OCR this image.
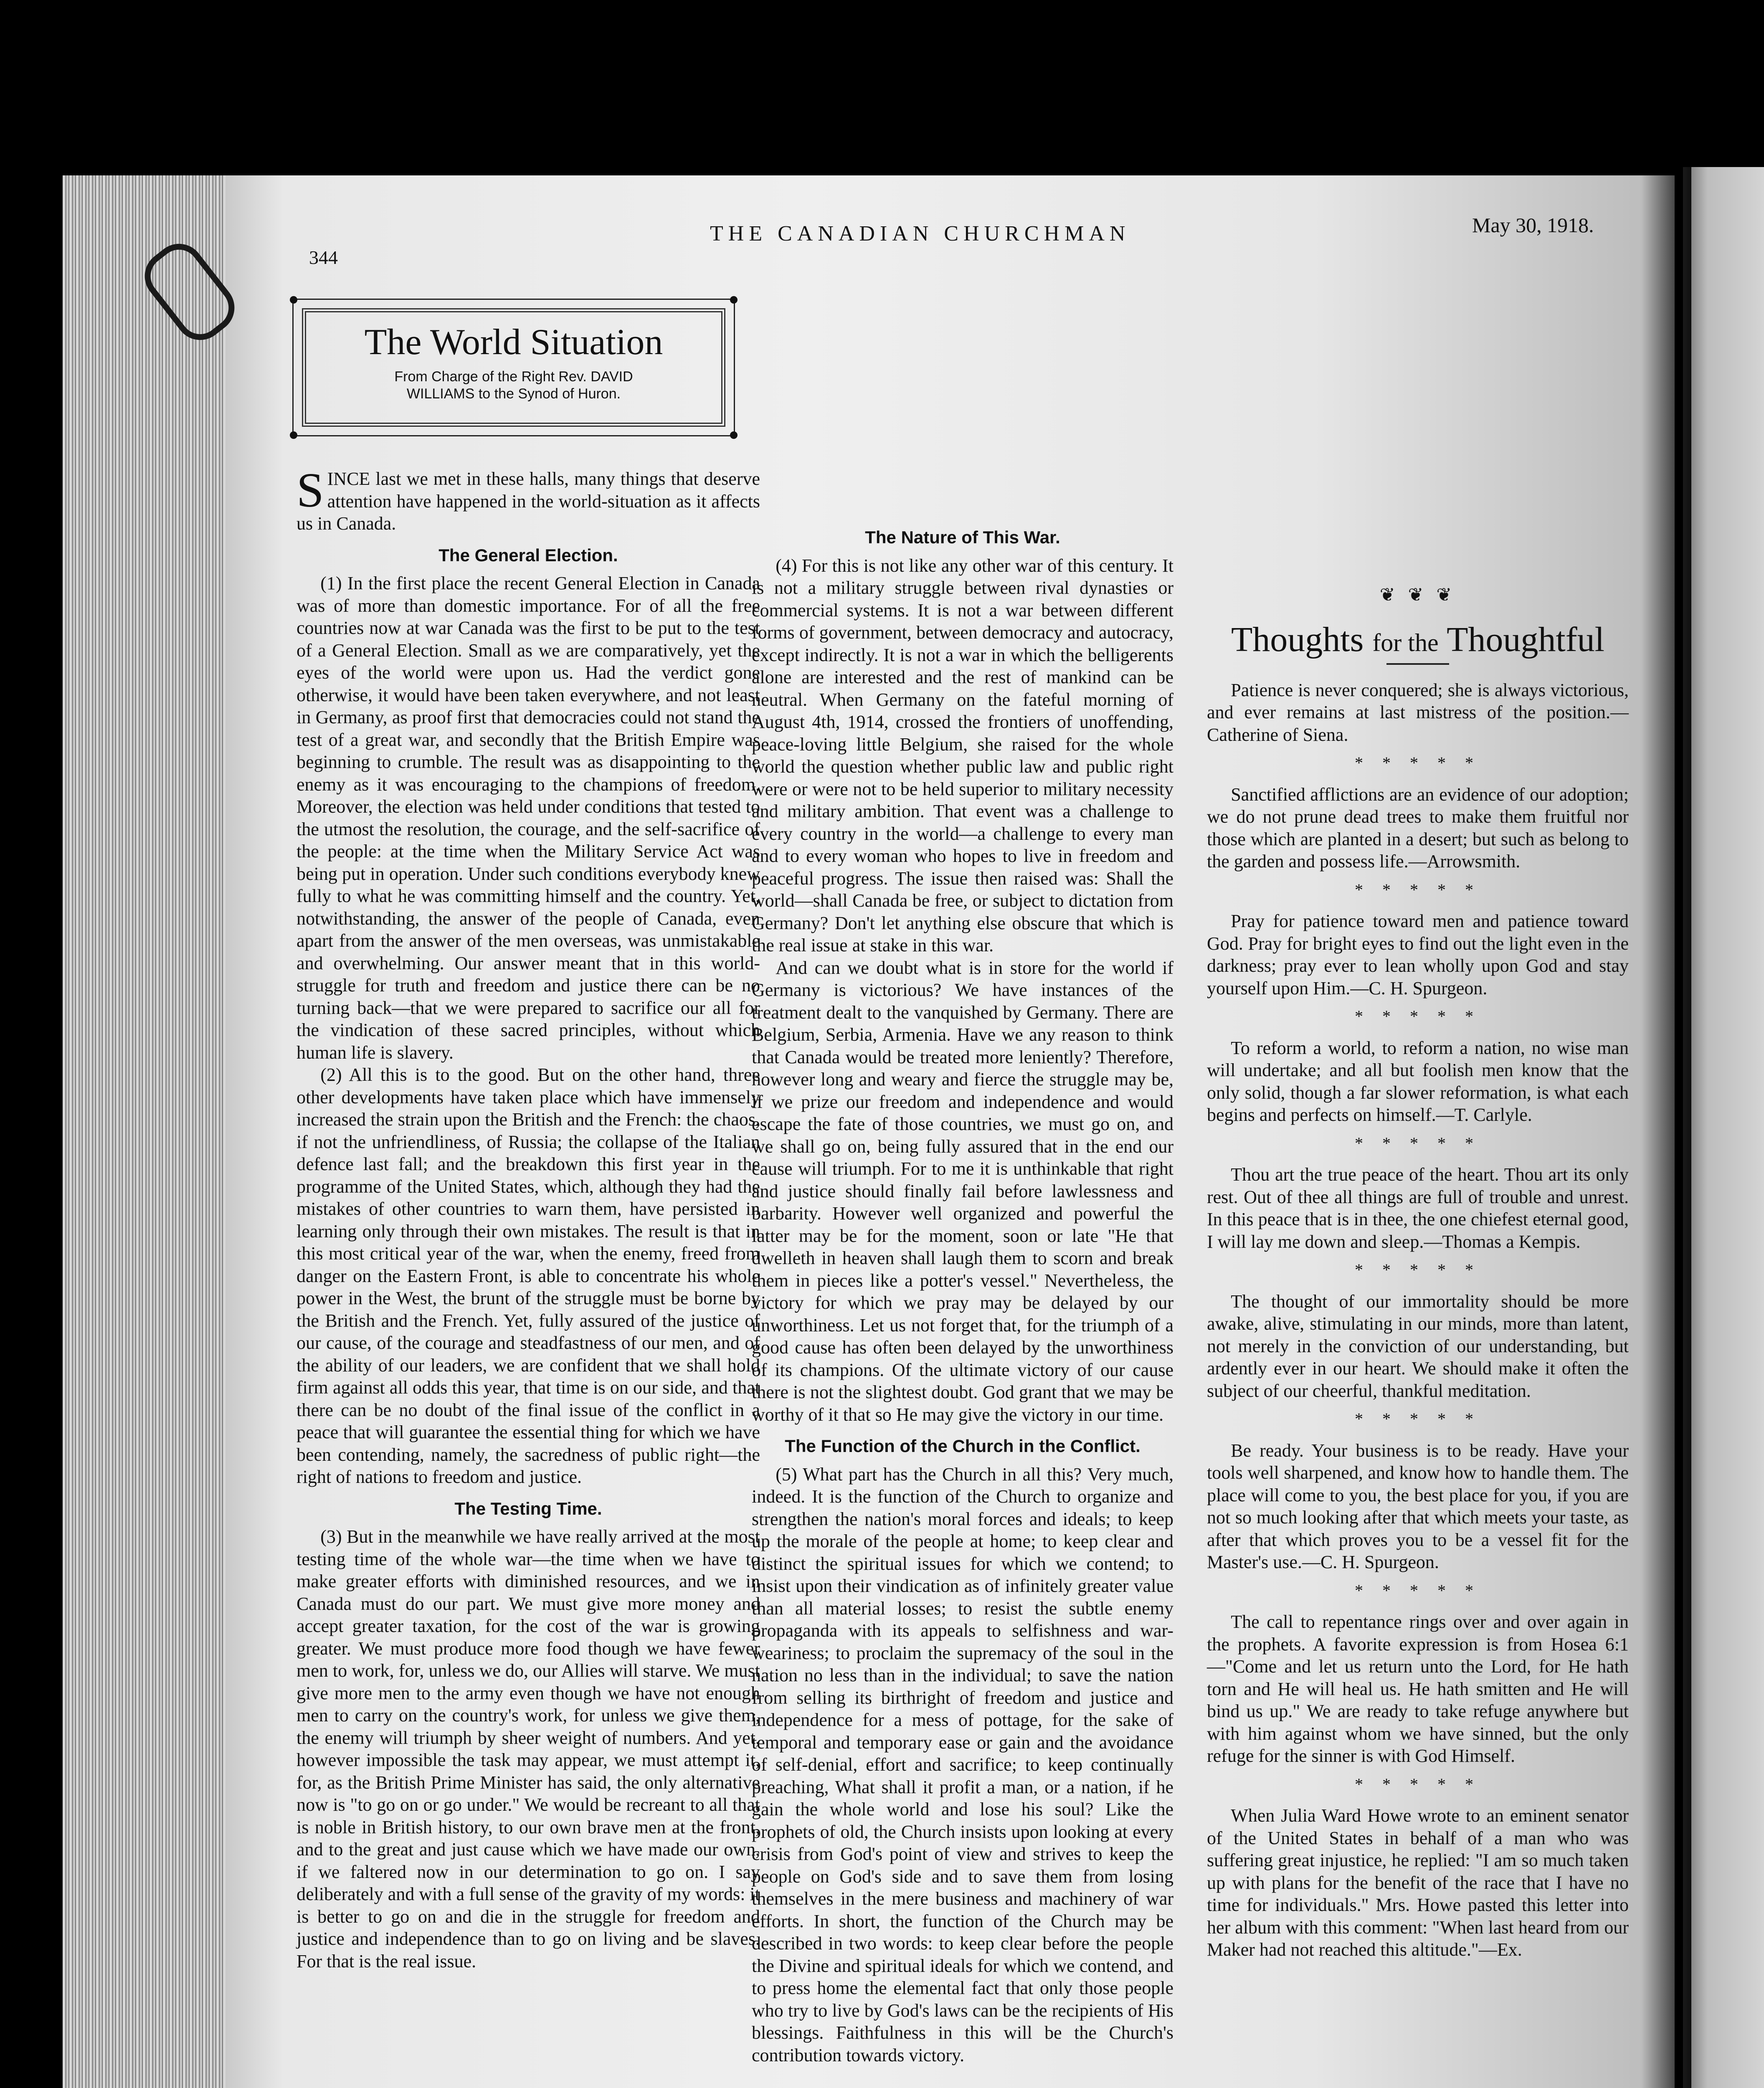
344
THE CANADIAN CHURCHMAN	May 30, 1918.
The World Situation
From Charge of the Right Rev. DAVID
WILLIAMS to the Synod of Huron.

SINCE last we met in these halls, many things that deserve attention have happened in the world-situation as it affects us in Canada.

The General Election.

(1) In the first place the recent General Election in Canada was of more than domestic importance. For of all the free countries now at war Canada was the first to be put to the test of a General Election. Small as we are comparatively, yet the eyes of the world were upon us. Had the verdict gone otherwise, it would have been taken everywhere, and not least in Germany, as proof first that democracies could not stand the test of a great war, and secondly that the British Empire was beginning to crumble. The result was as disappointing to the enemy as it was encouraging to the champions of freedom. Moreover, the election was held under conditions that tested to the utmost the resolution, the courage, and the self-sacrifice of the people: at the time when the Military Service Act was being put in operation. Under such conditions everybody knew fully to what he was committing himself and the country. Yet, notwithstanding, the answer of the people of Canada, even apart from the answer of the men overseas, was unmistakable and overwhelming. Our answer meant that in this world-struggle for truth and freedom and justice there can be no turning back—that we were prepared to sacrifice our all for the vindication of these sacred principles, without which human life is slavery.

(2) All this is to the good. But on the other hand, three other developments have taken place which have immensely increased the strain upon the British and the French: the chaos, if not the unfriendliness, of Russia; the collapse of the Italian defence last fall; and the breakdown this first year in the programme of the United States, which, although they had the mistakes of other countries to warn them, have persisted in learning only through their own mistakes. The result is that in this most critical year of the war, when the enemy, freed from danger on the Eastern Front, is able to concentrate his whole power in the West, the brunt of the struggle must be borne by the British and the French. Yet, fully assured of the justice of our cause, of the courage and steadfastness of our men, and of the ability of our leaders, we are confident that we shall hold firm against all odds this year, that time is on our side, and that there can be no doubt of the final issue of the conflict in a peace that will guarantee the essential thing for which we have been contending, namely, the sacredness of public right—the right of nations to freedom and justice.

The Testing Time.

(3) But in the meanwhile we have really arrived at the most testing time of the whole war—the time when we have to make greater efforts with diminished resources, and we in Canada must do our part. We must give more money and accept greater taxation, for the cost of the war is growing greater. We must produce more food though we have fewer men to work, for, unless we do, our Allies will starve. We must give more men to the army even though we have not enough men to carry on the country's work, for unless we give them, the enemy will triumph by sheer weight of numbers. And yet, however impossible the task may appear, we must attempt it, for, as the British Prime Minister has said, the only alternative now is "to go on or go under." We would be recreant to all that is noble in British history, to our own brave men at the front, and to the great and just cause which we have made our own, if we faltered now in our determination to go on. I say deliberately and with a full sense of the gravity of my words: it is better to go on and die in the struggle for freedom and justice and independence than to go on living and be slaves. For that is the real issue.

The Nature of This War.

(4) For this is not like any other war of this century. It is not a military struggle between rival dynasties or commercial systems. It is not a war between different forms of government, between democracy and autocracy, except indirectly. It is not a war in which the belligerents alone are interested and the rest of mankind can be neutral. When Germany on the fateful morning of August 4th, 1914, crossed the frontiers of unoffending, peace-loving little Belgium, she raised for the whole world the question whether public law and public right were or were not to be held superior to military necessity and military ambition. That event was a challenge to every country in the world—a challenge to every man and to every woman who hopes to live in freedom and peaceful progress. The issue then raised was: Shall the world—shall Canada be free, or subject to dictation from Germany? Don't let anything else obscure that which is the real issue at stake in this war.

And can we doubt what is in store for the world if Germany is victorious? We have instances of the treatment dealt to the vanquished by Germany. There are Belgium, Serbia, Armenia. Have we any reason to think that Canada would be treated more leniently? Therefore, however long and weary and fierce the struggle may be, if we prize our freedom and independence and would escape the fate of those countries, we must go on, and we shall go on, being fully assured that in the end our cause will triumph. For to me it is unthinkable that right and justice should finally fail before lawlessness and barbarity. However well organized and powerful the latter may be for the moment, soon or late "He that dwelleth in heaven shall laugh them to scorn and break them in pieces like a potter's vessel." Nevertheless, the victory for which we pray may be delayed by our unworthiness. Let us not forget that, for the triumph of a good cause has often been delayed by the unworthiness of its champions. Of the ultimate victory of our cause there is not the slightest doubt. God grant that we may be worthy of it that so He may give the victory in our time.

The Function of the Church in the Conflict.

(5) What part has the Church in all this? Very much, indeed. It is the function of the Church to organize and strengthen the nation's moral forces and ideals; to keep up the morale of the people at home; to keep clear and distinct the spiritual issues for which we contend; to insist upon their vindication as of infinitely greater value than all material losses; to resist the subtle enemy propaganda with its appeals to selfishness and war-weariness; to proclaim the supremacy of the soul in the nation no less than in the individual; to save the nation from selling its birthright of freedom and justice and independence for a mess of pottage, for the sake of temporal and temporary ease or gain and the avoidance of self-denial, effort and sacrifice; to keep continually preaching, What shall it profit a man, or a nation, if he gain the whole world and lose his soul? Like the prophets of old, the Church insists upon looking at every crisis from God's point of view and strives to keep the people on God's side and to save them from losing themselves in the mere business and machinery of war efforts. In short, the function of the Church may be described in two words: to keep clear before the people the Divine and spiritual ideals for which we contend, and to press home the elemental fact that only those people who try to live by God's laws can be the recipients of His blessings. Faithfulness in this will be the Church's contribution towards victory.

❦ ❦ ❦
Thoughts for the Thoughtful

Patience is never conquered; she is always victorious, and ever remains at last mistress of the position.—Catherine of Siena.

* * * * *

Sanctified afflictions are an evidence of our adoption; we do not prune dead trees to make them fruitful nor those which are planted in a desert; but such as belong to the garden and possess life.—Arrowsmith.

* * * * *

Pray for patience toward men and patience toward God. Pray for bright eyes to find out the light even in the darkness; pray ever to lean wholly upon God and stay yourself upon Him.—C. H. Spurgeon.

* * * * *

To reform a world, to reform a nation, no wise man will undertake; and all but foolish men know that the only solid, though a far slower reformation, is what each begins and perfects on himself.—T. Carlyle.

* * * * *

Thou art the true peace of the heart. Thou art its only rest. Out of thee all things are full of trouble and unrest. In this peace that is in thee, the one chiefest eternal good, I will lay me down and sleep.—Thomas a Kempis.

* * * * *

The thought of our immortality should be more awake, alive, stimulating in our minds, more than latent, not merely in the conviction of our understanding, but ardently ever in our heart. We should make it often the subject of our cheerful, thankful meditation.

* * * * *

Be ready. Your business is to be ready. Have your tools well sharpened, and know how to handle them. The place will come to you, the best place for you, if you are not so much looking after that which meets your taste, as after that which proves you to be a vessel fit for the Master's use.—C. H. Spurgeon.

* * * * *

The call to repentance rings over and over again in the prophets. A favorite expression is from Hosea 6:1—"Come and let us return unto the Lord, for He hath torn and He will heal us. He hath smitten and He will bind us up." We are ready to take refuge anywhere but with him against whom we have sinned, but the only refuge for the sinner is with God Himself.

* * * * *

When Julia Ward Howe wrote to an eminent senator of the United States in behalf of a man who was suffering great injustice, he replied: "I am so much taken up with plans for the benefit of the race that I have no time for individuals." Mrs. Howe pasted this letter into her album with this comment: "When last heard from our Maker had not reached this altitude."—Ex.
